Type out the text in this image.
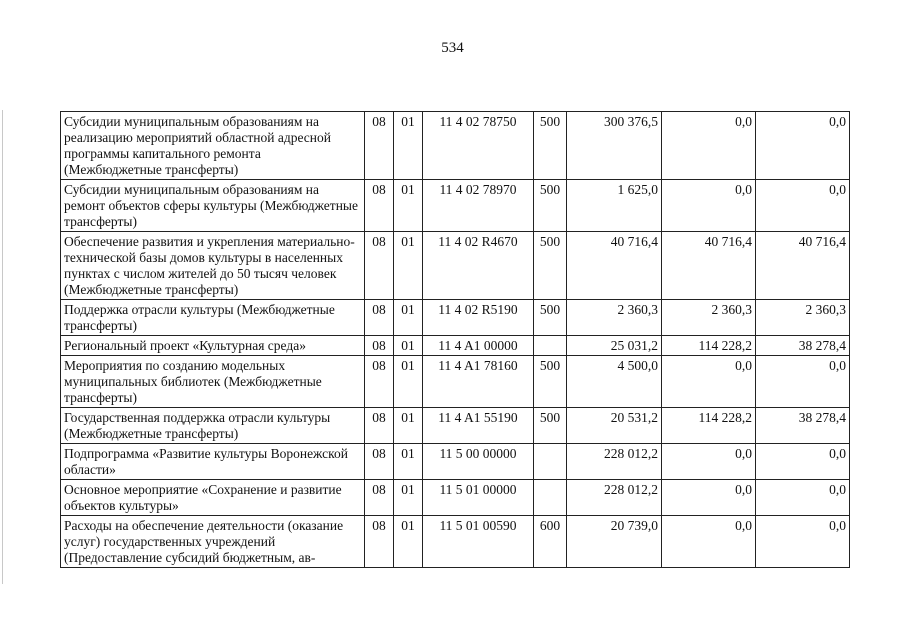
534
Субсидии муниципальным образованиям на реализацию мероприятий областной адресной программы капитального ремонта (Межбюджетные трансферты)	08	01	11 4 02 78750	500	300 376,5	0,0	0,0
Субсидии муниципальным образованиям на ремонт объектов сферы культуры (Межбюджетные трансферты)	08	01	11 4 02 78970	500	1 625,0	0,0	0,0
Обеспечение развития и укрепления материально-технической базы домов культуры в населенных пунктах с числом жителей до 50 тысяч человек (Межбюджетные трансферты)	08	01	11 4 02 R4670	500	40 716,4	40 716,4	40 716,4
Поддержка отрасли культуры (Межбюджетные трансферты)	08	01	11 4 02 R5190	500	2 360,3	2 360,3	2 360,3
Региональный проект «Культурная среда»	08	01	11 4 A1 00000		25 031,2	114 228,2	38 278,4
Мероприятия по созданию модельных муниципальных библиотек (Межбюджетные трансферты)	08	01	11 4 A1 78160	500	4 500,0	0,0	0,0
Государственная поддержка отрасли культуры (Межбюджетные трансферты)	08	01	11 4 A1 55190	500	20 531,2	114 228,2	38 278,4
Подпрограмма «Развитие культуры Воронежской области»	08	01	11 5 00 00000		228 012,2	0,0	0,0
Основное мероприятие «Сохранение и развитие объектов культуры»	08	01	11 5 01 00000		228 012,2	0,0	0,0
Расходы на обеспечение деятельности (оказание услуг) государственных учреждений (Предоставление субсидий бюджетным, ав-	08	01	11 5 01 00590	600	20 739,0	0,0	0,0
